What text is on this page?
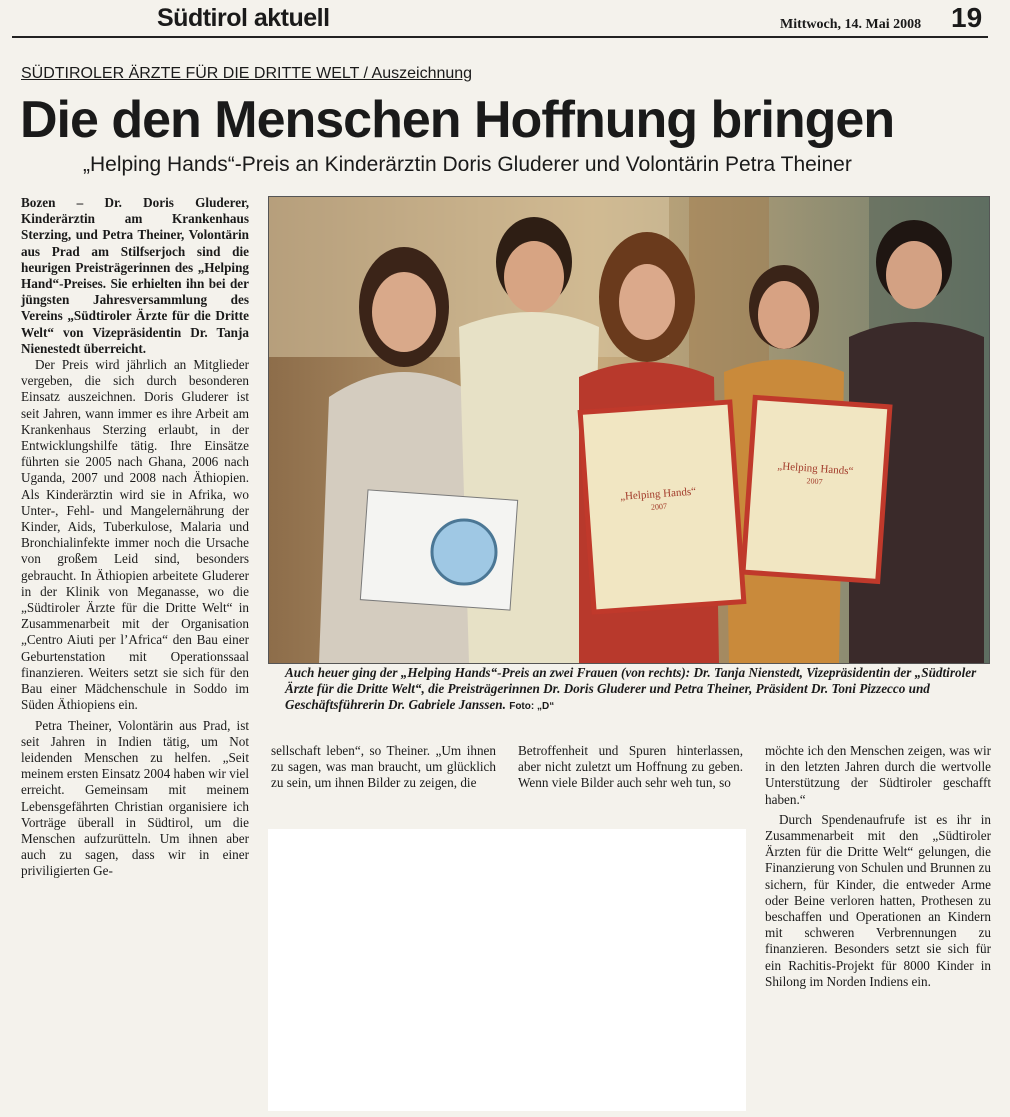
Südtirol aktuell	Mittwoch, 14. Mai 2008 19
SÜDTIROLER ÄRZTE FÜR DIE DRITTE WELT / Auszeichnung
Die den Menschen Hoffnung bringen
„Helping Hands“-Preis an Kinderärztin Doris Gluderer und Volontärin Petra Theiner

Bozen – Dr. Doris Gluderer, Kinderärztin am Krankenhaus Sterzing, und Petra Theiner, Volontärin aus Prad am Stilfserjoch sind die heurigen Preisträgerinnen des „Helping Hand“-Preises. Sie erhielten ihn bei der jüngsten Jahresversammlung des Vereins „Südtiroler Ärzte für die Dritte Welt“ von Vizepräsidentin Dr. Tanja Nienestedt überreicht.

Der Preis wird jährlich an Mitglieder vergeben, die sich durch besonderen Einsatz auszeichnen. Doris Gluderer ist seit Jahren, wann immer es ihre Arbeit am Krankenhaus Sterzing erlaubt, in der Entwicklungshilfe tätig. Ihre Einsätze führten sie 2005 nach Ghana, 2006 nach Uganda, 2007 und 2008 nach Äthiopien. Als Kinderärztin wird sie in Afrika, wo Unter-, Fehl- und Mangelernährung der Kinder, Aids, Tuberkulose, Malaria und Bronchialinfekte immer noch die Ursache von großem Leid sind, besonders gebraucht. In Äthiopien arbeitete Gluderer in der Klinik von Meganasse, wo die „Südtiroler Ärzte für die Dritte Welt“ in Zusammenarbeit mit der Organisation „Centro Aiuti per l’Africa“ den Bau einer Geburtenstation mit Operationssaal finanzieren. Weiters setzt sie sich für den Bau einer Mädchenschule in Soddo im Süden Äthiopiens ein.

Petra Theiner, Volontärin aus Prad, ist seit Jahren in Indien tätig, um Not leidenden Menschen zu helfen. „Seit meinem ersten Einsatz 2004 haben wir viel erreicht. Gemeinsam mit meinem Lebensgefährten Christian organisiere ich Vorträge überall in Südtirol, um die Menschen aufzurütteln. Um ihnen aber auch zu sagen, dass wir in einer priviligierten Ge-

„Helping Hands“
2007
„Helping Hands“
2007
Auch heuer ging der „Helping Hands“-Preis an zwei Frauen (von rechts): Dr. Tanja Nienstedt, Vizepräsidentin der „Südtiroler Ärzte für die Dritte Welt“, die Preisträgerinnen Dr. Doris Gluderer und Petra Theiner, Präsident Dr. Toni Pizzecco und Geschäftsführerin Dr. Gabriele Janssen. Foto: „D“

sellschaft leben“, so Theiner. „Um ihnen zu sagen, was man braucht, um glücklich zu sein, um ihnen Bilder zu zeigen, die

Betroffenheit und Spuren hinterlassen, aber nicht zuletzt um Hoffnung zu geben. Wenn viele Bilder auch sehr weh tun, so

möchte ich den Menschen zeigen, was wir in den letzten Jahren durch die wertvolle Unterstützung der Südtiroler geschafft haben.“

Durch Spendenaufrufe ist es ihr in Zusammenarbeit mit den „Südtiroler Ärzten für die Dritte Welt“ gelungen, die Finanzierung von Schulen und Brunnen zu sichern, für Kinder, die entweder Arme oder Beine verloren hatten, Prothesen zu beschaffen und Operationen an Kindern mit schweren Verbrennungen zu finanzieren. Besonders setzt sie sich für ein Rachitis-Projekt für 8000 Kinder in Shilong im Norden Indiens ein.
